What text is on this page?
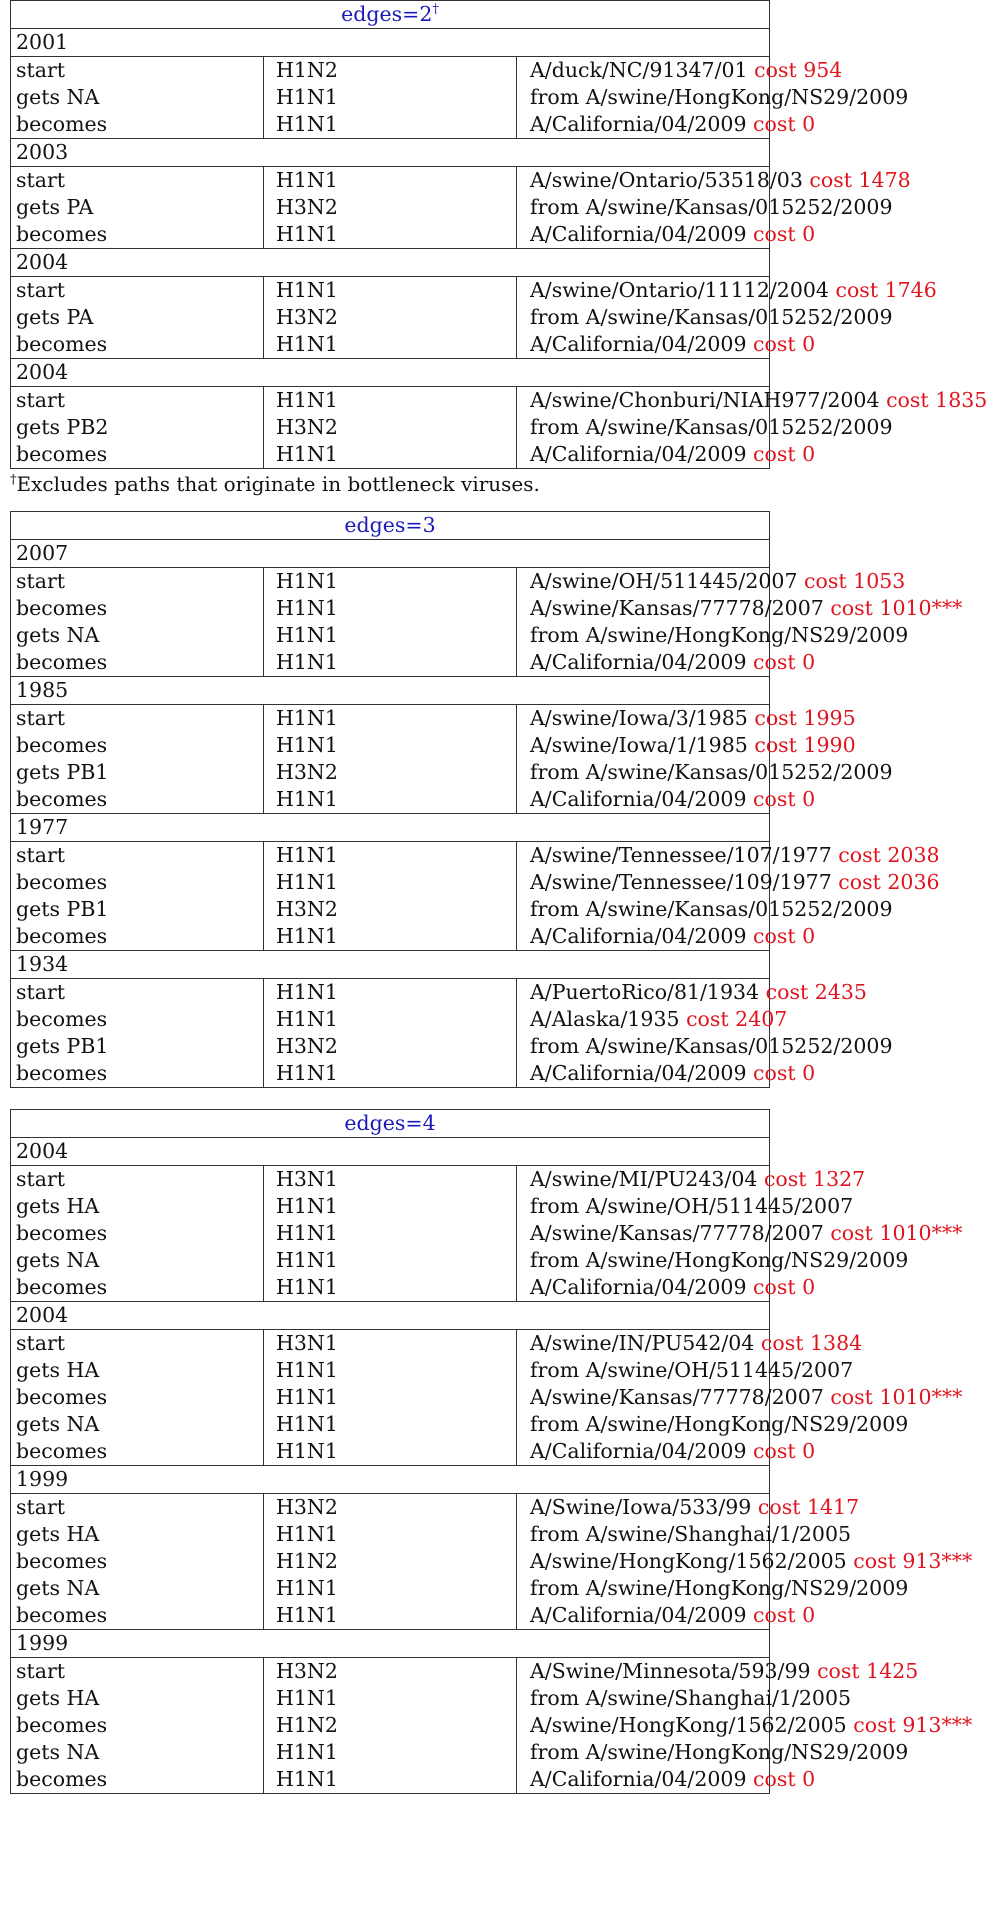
edges=2†
2001		
start	H1N2	A/duck/NC/91347/01 cost 954
gets NA	H1N1	from A/swine/HongKong/NS29/2009
becomes	H1N1	A/California/04/2009 cost 0
2003		
start	H1N1	A/swine/Ontario/53518/03 cost 1478
gets PA	H3N2	from A/swine/Kansas/015252/2009
becomes	H1N1	A/California/04/2009 cost 0
2004		
start	H1N1	A/swine/Ontario/11112/2004 cost 1746
gets PA	H3N2	from A/swine/Kansas/015252/2009
becomes	H1N1	A/California/04/2009 cost 0
2004		
start	H1N1	A/swine/Chonburi/NIAH977/2004 cost 1835
gets PB2	H3N2	from A/swine/Kansas/015252/2009
becomes	H1N1	A/California/04/2009 cost 0
†Excludes paths that originate in bottleneck viruses.
edges=3		
2007		
start	H1N1	A/swine/OH/511445/2007 cost 1053
becomes	H1N1	A/swine/Kansas/77778/2007 cost 1010***
gets NA	H1N1	from A/swine/HongKong/NS29/2009
becomes	H1N1	A/California/04/2009 cost 0
1985		
start	H1N1	A/swine/Iowa/3/1985 cost 1995
becomes	H1N1	A/swine/Iowa/1/1985 cost 1990
gets PB1	H3N2	from A/swine/Kansas/015252/2009
becomes	H1N1	A/California/04/2009 cost 0
1977		
start	H1N1	A/swine/Tennessee/107/1977 cost 2038
becomes	H1N1	A/swine/Tennessee/109/1977 cost 2036
gets PB1	H3N2	from A/swine/Kansas/015252/2009
becomes	H1N1	A/California/04/2009 cost 0
1934		
start	H1N1	A/PuertoRico/81/1934 cost 2435
becomes	H1N1	A/Alaska/1935 cost 2407
gets PB1	H3N2	from A/swine/Kansas/015252/2009
becomes	H1N1	A/California/04/2009 cost 0
edges=4		
2004		
start	H3N1	A/swine/MI/PU243/04 cost 1327
gets HA	H1N1	from A/swine/OH/511445/2007
becomes	H1N1	A/swine/Kansas/77778/2007 cost 1010***
gets NA	H1N1	from A/swine/HongKong/NS29/2009
becomes	H1N1	A/California/04/2009 cost 0
2004		
start	H3N1	A/swine/IN/PU542/04 cost 1384
gets HA	H1N1	from A/swine/OH/511445/2007
becomes	H1N1	A/swine/Kansas/77778/2007 cost 1010***
gets NA	H1N1	from A/swine/HongKong/NS29/2009
becomes	H1N1	A/California/04/2009 cost 0
1999		
start	H3N2	A/Swine/Iowa/533/99 cost 1417
gets HA	H1N1	from A/swine/Shanghai/1/2005
becomes	H1N2	A/swine/HongKong/1562/2005 cost 913***
gets NA	H1N1	from A/swine/HongKong/NS29/2009
becomes	H1N1	A/California/04/2009 cost 0
1999		
start	H3N2	A/Swine/Minnesota/593/99 cost 1425
gets HA	H1N1	from A/swine/Shanghai/1/2005
becomes	H1N2	A/swine/HongKong/1562/2005 cost 913***
gets NA	H1N1	from A/swine/HongKong/NS29/2009
becomes	H1N1	A/California/04/2009 cost 0
